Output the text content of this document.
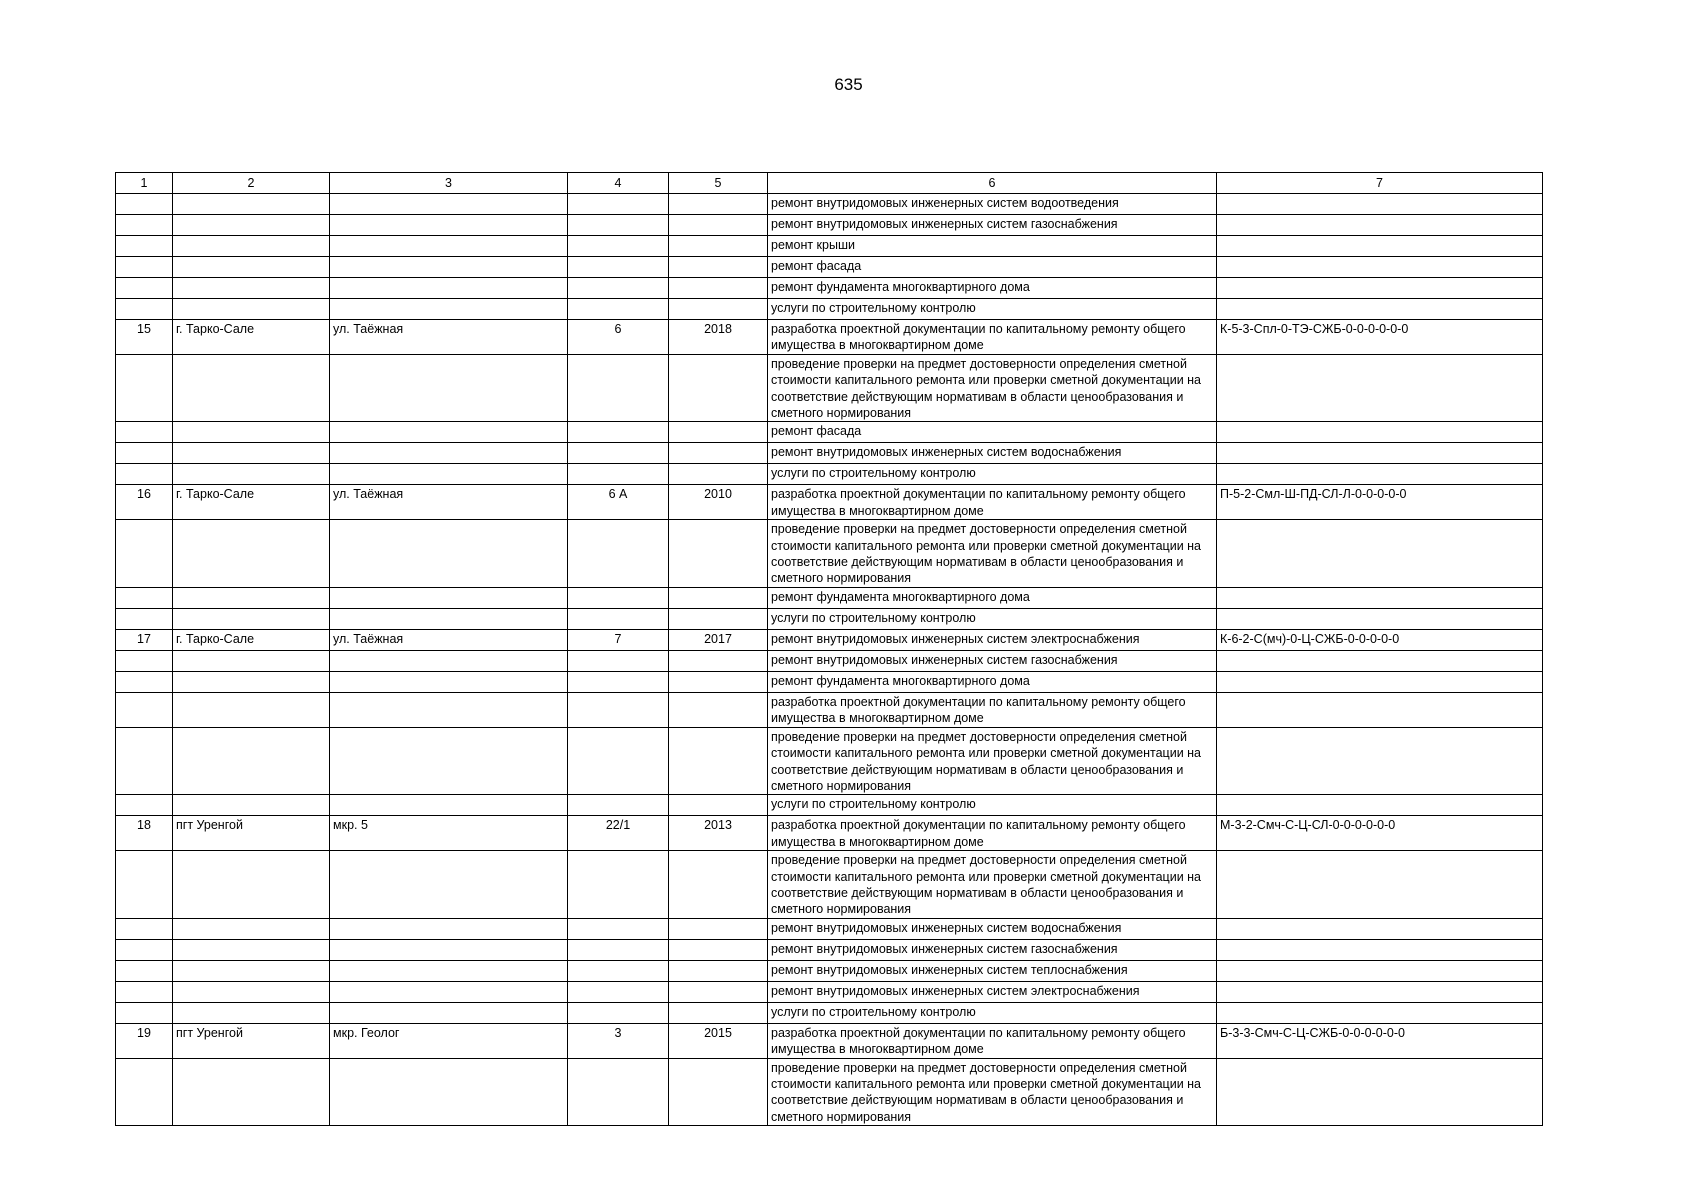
635
1	2	3	4	5	6	7
					ремонт внутридомовых инженерных систем водоотведения	
					ремонт внутридомовых инженерных систем газоснабжения	
					ремонт крыши	
					ремонт фасада	
					ремонт фундамента многоквартирного дома	
					услуги по строительному контролю	
15	г. Тарко-Сале	ул. Таёжная	6	2018	разработка проектной документации по капитальному ремонту общего имущества в многоквартирном доме	К-5-3-Спл-0-ТЭ-СЖБ-0-0-0-0-0-0
					проведение проверки на предмет достоверности определения сметной стоимости капитального ремонта или проверки сметной документации на соответствие действующим нормативам в области ценообразования и сметного нормирования	
					ремонт фасада	
					ремонт внутридомовых инженерных систем водоснабжения	
					услуги по строительному контролю	
16	г. Тарко-Сале	ул. Таёжная	6 А	2010	разработка проектной документации по капитальному ремонту общего имущества в многоквартирном доме	П-5-2-Смл-Ш-ПД-СЛ-Л-0-0-0-0-0
					проведение проверки на предмет достоверности определения сметной стоимости капитального ремонта или проверки сметной документации на соответствие действующим нормативам в области ценообразования и сметного нормирования	
					ремонт фундамента многоквартирного дома	
					услуги по строительному контролю	
17	г. Тарко-Сале	ул. Таёжная	7	2017	ремонт внутридомовых инженерных систем электроснабжения	К-6-2-С(мч)-0-Ц-СЖБ-0-0-0-0-0
					ремонт внутридомовых инженерных систем газоснабжения	
					ремонт фундамента многоквартирного дома	
					разработка проектной документации по капитальному ремонту общего имущества в многоквартирном доме	
					проведение проверки на предмет достоверности определения сметной стоимости капитального ремонта или проверки сметной документации на соответствие действующим нормативам в области ценообразования и сметного нормирования	
					услуги по строительному контролю	
18	пгт Уренгой	мкр. 5	22/1	2013	разработка проектной документации по капитальному ремонту общего имущества в многоквартирном доме	М-3-2-Смч-С-Ц-СЛ-0-0-0-0-0-0
					проведение проверки на предмет достоверности определения сметной стоимости капитального ремонта или проверки сметной документации на соответствие действующим нормативам в области ценообразования и сметного нормирования	
					ремонт внутридомовых инженерных систем водоснабжения	
					ремонт внутридомовых инженерных систем газоснабжения	
					ремонт внутридомовых инженерных систем теплоснабжения	
					ремонт внутридомовых инженерных систем электроснабжения	
					услуги по строительному контролю	
19	пгт Уренгой	мкр. Геолог	3	2015	разработка проектной документации по капитальному ремонту общего имущества в многоквартирном доме	Б-3-3-Смч-С-Ц-СЖБ-0-0-0-0-0-0
					проведение проверки на предмет достоверности определения сметной стоимости капитального ремонта или проверки сметной документации на соответствие действующим нормативам в области ценообразования и сметного нормирования	
